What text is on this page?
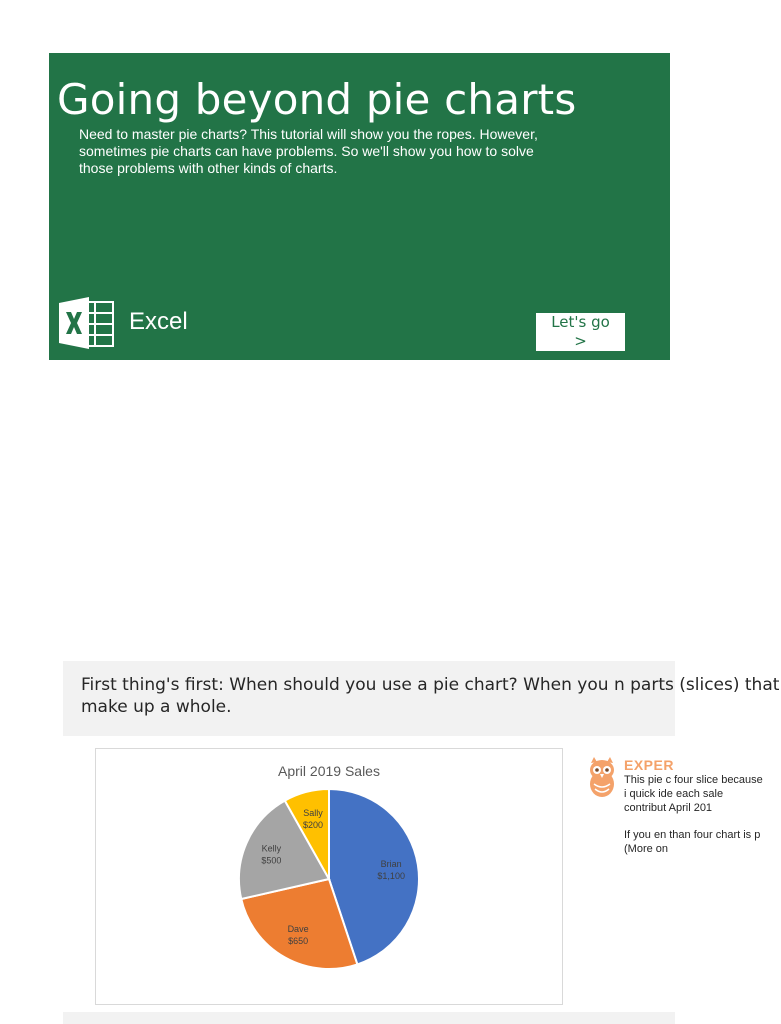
Going beyond pie charts

Need to master pie charts? This tutorial will show you the ropes. However, sometimes pie charts can have problems. So we'll show you how to solve those problems with other kinds of charts.

Excel	Let's go
>

First thing's first: When should you use a pie chart? When you n parts (slices) that make up a whole.

April 2019 Sales
Brian
$1,100
Dave
$650
Kelly
$500
Sally
$200
EXPER

This pie c four slice because i quick ide each sale contribut April 201

If you en than four chart is p (More on
